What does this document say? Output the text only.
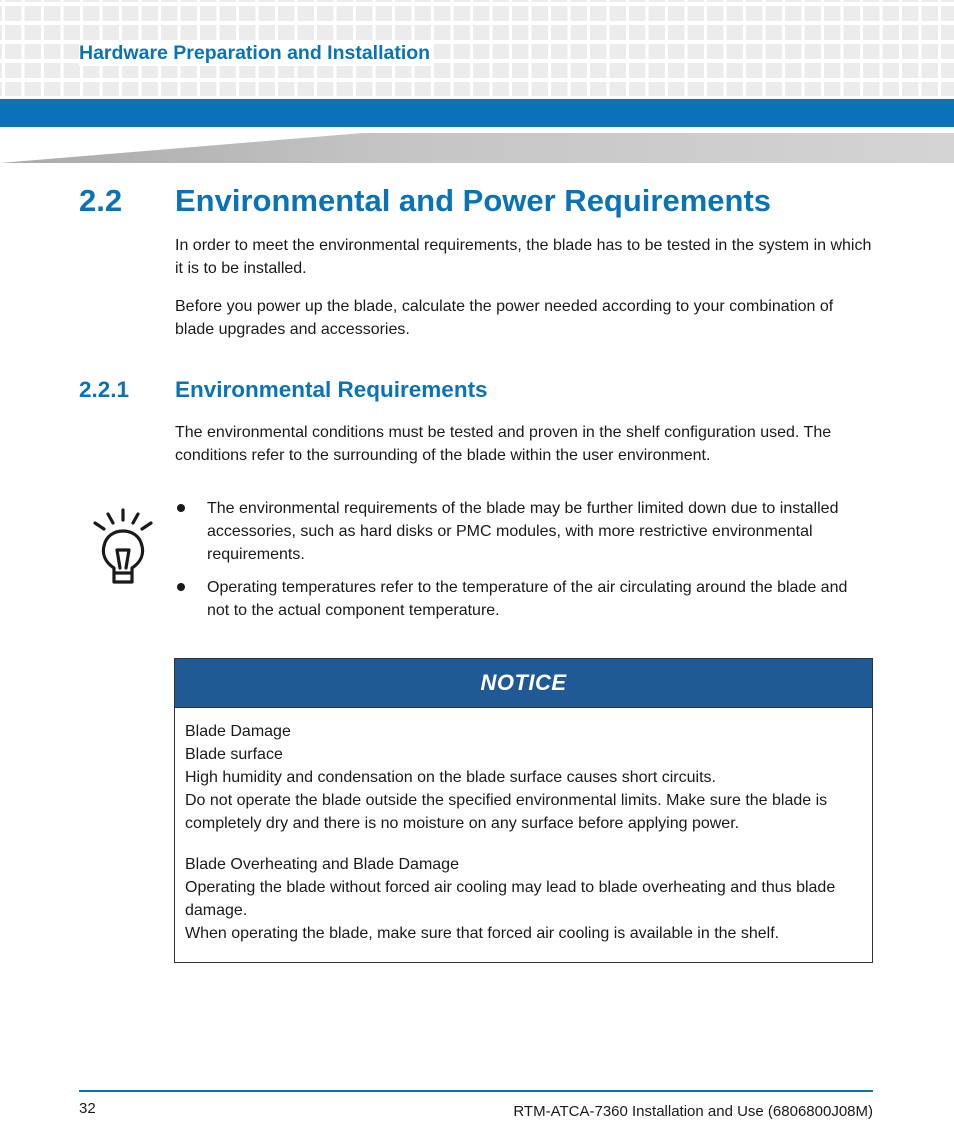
Hardware Preparation and Installation
2.2 Environmental and Power Requirements

In order to meet the environmental requirements, the blade has to be tested in the system in which it is to be installed.

Before you power up the blade, calculate the power needed according to your combination of blade upgrades and accessories.

2.2.1 Environmental Requirements

The environmental conditions must be tested and proven in the shelf configuration used. The conditions refer to the surrounding of the blade within the user environment.

The environmental requirements of the blade may be further limited down due to installed accessories, such as hard disks or PMC modules, with more restrictive environmental requirements.
Operating temperatures refer to the temperature of the air circulating around the blade and not to the actual component temperature.
NOTICE
Blade Damage
Blade surface
High humidity and condensation on the blade surface causes short circuits.
Do not operate the blade outside the specified environmental limits. Make sure the blade is completely dry and there is no moisture on any surface before applying power.
Blade Overheating and Blade Damage
Operating the blade without forced air cooling may lead to blade overheating and thus blade damage.
When operating the blade, make sure that forced air cooling is available in the shelf.
32	RTM-ATCA-7360 Installation and Use (6806800J08M)
